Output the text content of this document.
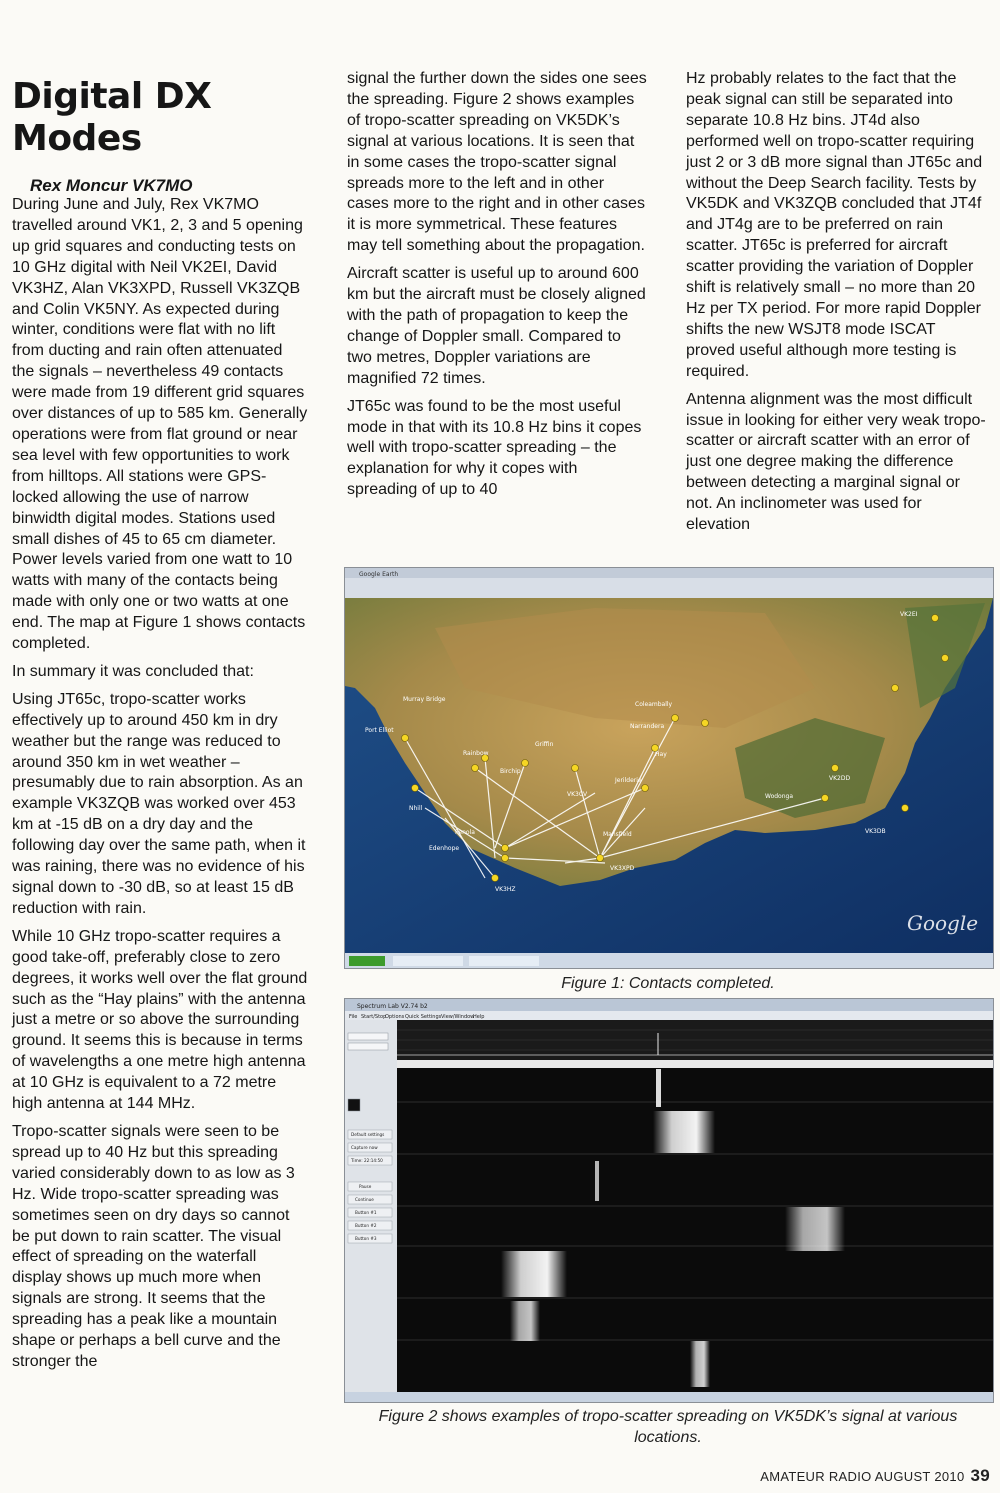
Digital DX
Modes
Rex Moncur VK7MO

During June and July, Rex VK7MO travelled around VK1, 2, 3 and 5 opening up grid squares and conducting tests on 10 GHz digital with Neil VK2EI, David VK3HZ, Alan VK3XPD, Russell VK3ZQB and Colin VK5NY. As expected during winter, conditions were flat with no lift from ducting and rain often attenuated the signals – nevertheless 49 contacts were made from 19 different grid squares over distances of up to 585 km. Generally operations were from flat ground or near sea level with few opportunities to work from hilltops. All stations were GPS-locked allowing the use of narrow binwidth digital modes. Stations used small dishes of 45 to 65 cm diameter. Power levels varied from one watt to 10 watts with many of the contacts being made with only one or two watts at one end. The map at Figure 1 shows contacts completed.

In summary it was concluded that:

Using JT65c, tropo-scatter works effectively up to around 450 km in dry weather but the range was reduced to around 350 km in wet weather – presumably due to rain absorption. As an example VK3ZQB was worked over 453 km at -15 dB on a dry day and the following day over the same path, when it was raining, there was no evidence of his signal down to -30 dB, so at least 15 dB reduction with rain.

While 10 GHz tropo-scatter requires a good take-off, preferably close to zero degrees, it works well over the flat ground such as the “Hay plains” with the antenna just a metre or so above the surrounding ground. It seems this is because in terms of wavelengths a one metre high antenna at 10 GHz is equivalent to a 72 metre high antenna at 144 MHz.

Tropo-scatter signals were seen to be spread up to 40 Hz but this spreading varied considerably down to as low as 3 Hz. Wide tropo-scatter spreading was sometimes seen on dry days so cannot be put down to rain scatter. The visual effect of spreading on the waterfall display shows up much more when signals are strong. It seems that the spreading has a peak like a mountain shape or perhaps a bell curve and the stronger the

signal the further down the sides one sees the spreading. Figure 2 shows examples of tropo-scatter spreading on VK5DK’s signal at various locations. It is seen that in some cases the tropo-scatter signal spreads more to the left and in other cases more to the right and in other cases it is more symmetrical. These features may tell something about the propagation.

Aircraft scatter is useful up to around 600 km but the aircraft must be closely aligned with the path of propagation to keep the change of Doppler small. Compared to two metres, Doppler variations are magnified 72 times.

JT65c was found to be the most useful mode in that with its 10.8 Hz bins it copes well with tropo-scatter spreading – the explanation for why it copes with spreading of up to 40

Hz probably relates to the fact that the peak signal can still be separated into separate 10.8 Hz bins. JT4d also performed well on tropo-scatter requiring just 2 or 3 dB more signal than JT65c and without the Deep Search facility. Tests by VK5DK and VK3ZQB concluded that JT4f and JT4g are to be preferred on rain scatter. JT65c is preferred for aircraft scatter providing the variation of Doppler shift is relatively small – no more than 20 Hz per TX period. For more rapid Doppler shifts the new WSJT8 mode ISCAT proved useful although more testing is required.

Antenna alignment was the most difficult issue in looking for either very weak tropo-scatter or aircraft scatter with an error of just one degree making the difference between detecting a marginal signal or not. An inclinometer was used for elevation

Google Earth
Murray Bridge
Port Elliot
Coleambally
Narrandera
Hay
Griffin
Rainbow
Birchip
Jerilderie
Nhill
VK3CV
Penola	Mansfield
VK3XPD
VK2EI
VK2DD
Wodonga
VK3DB
Edenhope
VK3HZ
Google
Figure 1: Contacts completed.
Spectrum Lab V2.74 b2
File Start/Stop
Options Quick Settings View/Window
Help
Default settings
Capture now
Time: 22:14:50
Pause
Continue
Button #1
Button #2
Button #3
Figure 2 shows examples of tropo-scatter spreading on VK5DK’s signal at various locations.
AMATEUR RADIO AUGUST 2010 39
